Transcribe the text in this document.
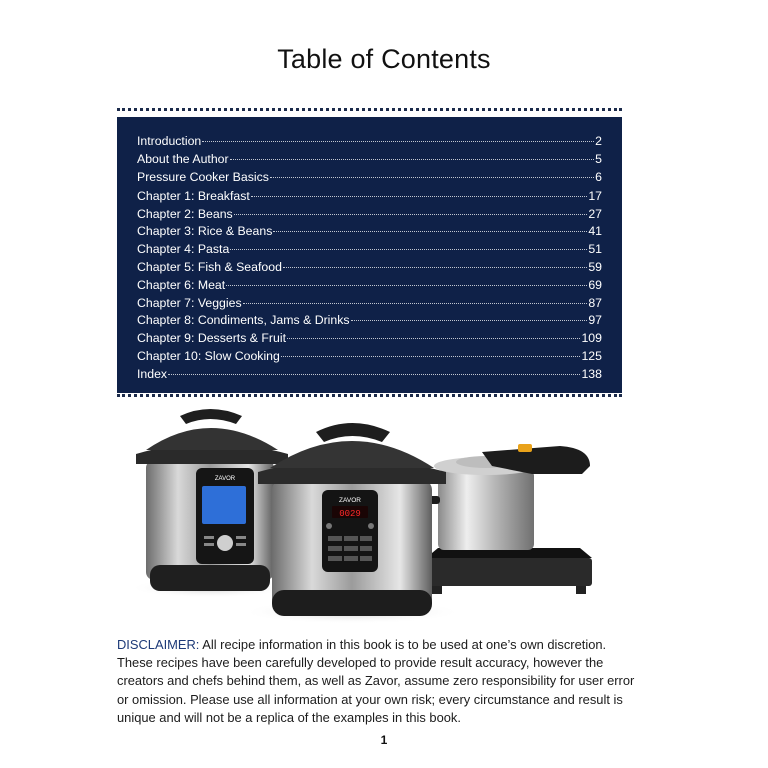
Table of Contents
Introduction	2
About the Author	5
Pressure Cooker Basics	6
Chapter 1: Breakfast	17
Chapter 2: Beans	27
Chapter 3: Rice & Beans	41
Chapter 4: Pasta	51
Chapter 5: Fish & Seafood	59
Chapter 6: Meat	69
Chapter 7: Veggies	87
Chapter 8: Condiments, Jams & Drinks	97
Chapter 9: Desserts & Fruit	109
Chapter 10: Slow Cooking	125
Index	138
ZAVOR
ZAVOR
0029

DISCLAIMER: All recipe information in this book is to be used at one’s own discretion. These recipes have been carefully developed to provide result accuracy, however the creators and chefs behind them, as well as Zavor, assume zero responsibility for user error or omission. Please use all information at your own risk; every circumstance and result is unique and will not be a replica of the examples in this book.

1
